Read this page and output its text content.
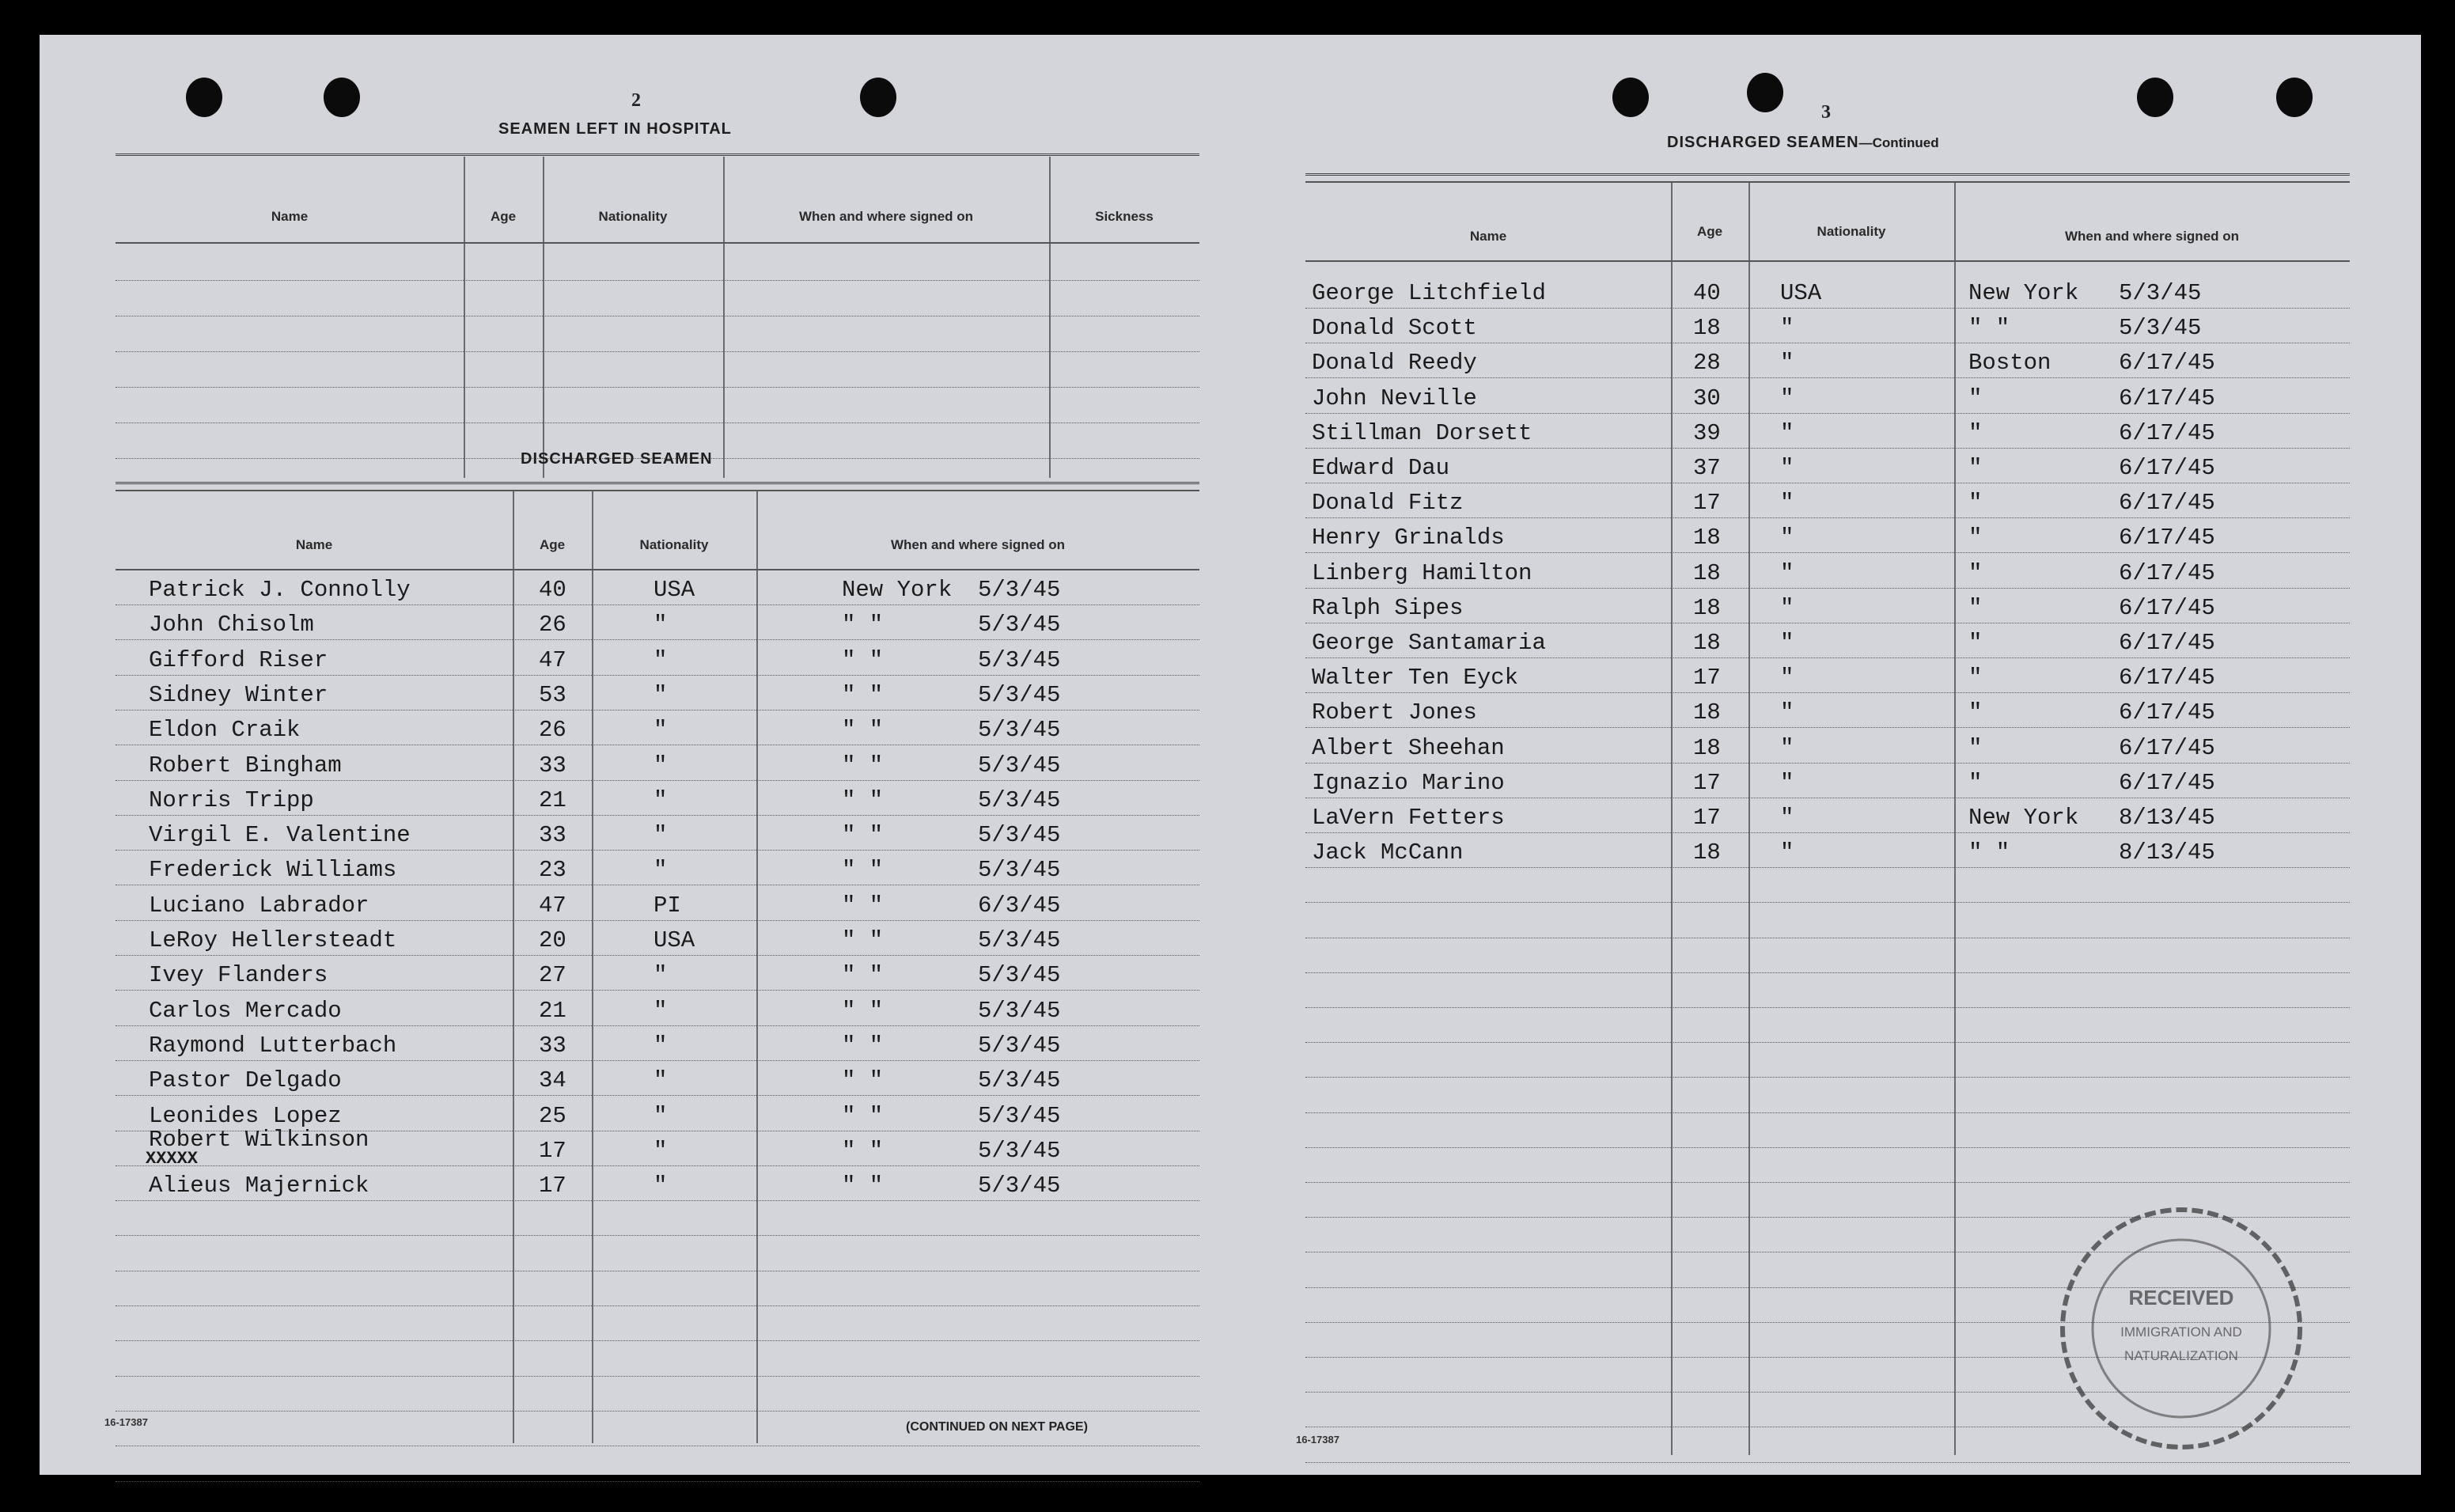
2
SEAMEN LEFT IN HOSPITAL
Name	Age	Nationality	When and where signed on	Sickness
DISCHARGED SEAMEN
Name	Age	Nationality	When and where signed on
Patrick J. Connolly	40	USA	New York 5/3/45
John Chisolm	26	"	" "	5/3/45
Gifford Riser	47	"	" "	5/3/45
Sidney Winter	53	"	" "	5/3/45
Eldon Craik	26	"	" "	5/3/45
Robert Bingham	33	"	" "	5/3/45
Norris Tripp	21	"	" "	5/3/45
Virgil E. Valentine	33	"	" "	5/3/45
Frederick Williams	23	"	" "	5/3/45
Luciano Labrador	47	PI	" "	6/3/45
LeRoy Hellersteadt	20	USA	" "	5/3/45
Ivey Flanders	27	"	" "	5/3/45
Carlos Mercado	21	"	" "	5/3/45
Raymond Lutterbach	33	"	" "	5/3/45
Pastor Delgado	34	"	" "	5/3/45
Leonides Lopez	25	"	" "	5/3/45
Robert Wilkinson	17	"	" "	5/3/45
XXXXX
Alieus Majernick	17	"	" "	5/3/45
16-17387	(CONTINUED ON NEXT PAGE)
3
DISCHARGED SEAMEN—Continued
Name	Age	Nationality	When and where signed on
George Litchfield	40	USA	New York 5/3/45
Donald Scott	18	"	" "	5/3/45
Donald Reedy	28	"	Boston	6/17/45
John Neville	30	"	"	6/17/45
Stillman Dorsett	39	"	"	6/17/45
Edward Dau	37	"	"	6/17/45
Donald Fitz	17	"	"	6/17/45
Henry Grinalds	18	"	"	6/17/45
Linberg Hamilton	18	"	"	6/17/45
Ralph Sipes	18	"	"	6/17/45
George Santamaria	18	"	"	6/17/45
Walter Ten Eyck	17	"	"	6/17/45
Robert Jones	18	"	"	6/17/45
Albert Sheehan	18	"	"	6/17/45
Ignazio Marino	17	"	"	6/17/45
LaVern Fetters	17	"	New York 8/13/45
Jack McCann	18	"	" "	8/13/45
16-17387
RECEIVED
IMMIGRATION AND
NATURALIZATION
